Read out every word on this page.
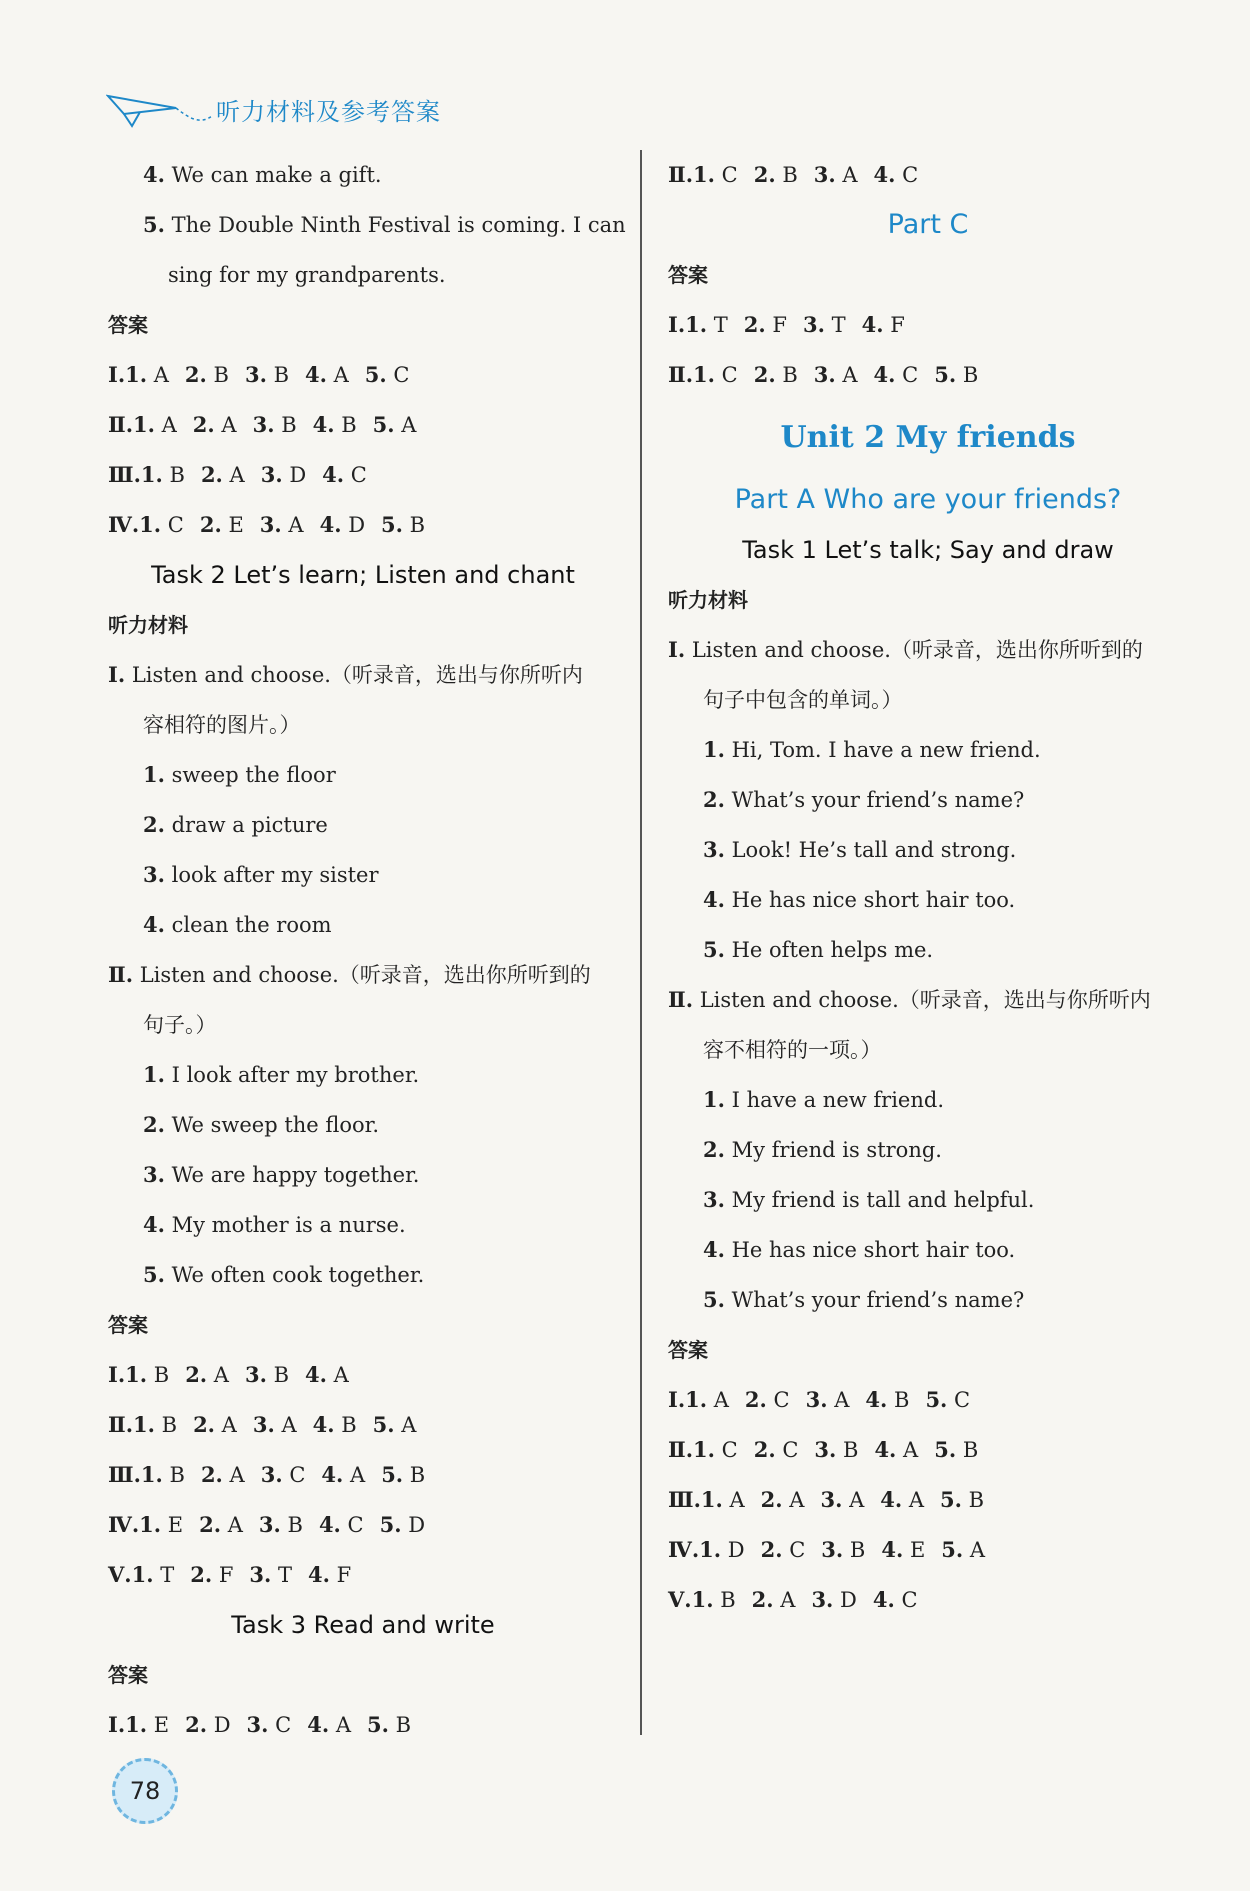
听力材料及参考答案
4. We can make a gift.
5. The Double Ninth Festival is coming. I can
sing for my grandparents.
答案
Ⅰ.1. A 2. B 3. B 4. A 5. C
Ⅱ.1. A 2. A 3. B 4. B 5. A
Ⅲ.1. B 2. A 3. D 4. C
Ⅳ.1. C 2. E 3. A 4. D 5. B
Task 2 Let’s learn; Listen and chant
听力材料
Ⅰ. Listen and choose.（听录音，选出与你所听内
容相符的图片。）
1. sweep the floor
2. draw a picture
3. look after my sister
4. clean the room
Ⅱ. Listen and choose.（听录音，选出你所听到的
句子。）
1. I look after my brother.
2. We sweep the floor.
3. We are happy together.
4. My mother is a nurse.
5. We often cook together.
答案
Ⅰ.1. B 2. A 3. B 4. A
Ⅱ.1. B 2. A 3. A 4. B 5. A
Ⅲ.1. B 2. A 3. C 4. A 5. B
Ⅳ.1. E 2. A 3. B 4. C 5. D
Ⅴ.1. T 2. F 3. T 4. F
Task 3 Read and write
答案
Ⅰ.1. E 2. D 3. C 4. A 5. B
Ⅱ.1. C 2. B 3. A 4. C
Part C
答案
Ⅰ.1. T 2. F 3. T 4. F
Ⅱ.1. C 2. B 3. A 4. C 5. B
Unit 2 My friends
Part A Who are your friends?
Task 1 Let’s talk; Say and draw
听力材料
Ⅰ. Listen and choose.（听录音，选出你所听到的
句子中包含的单词。）
1. Hi, Tom. I have a new friend.
2. What’s your friend’s name?
3. Look! He’s tall and strong.
4. He has nice short hair too.
5. He often helps me.
Ⅱ. Listen and choose.（听录音，选出与你所听内
容不相符的一项。）
1. I have a new friend.
2. My friend is strong.
3. My friend is tall and helpful.
4. He has nice short hair too.
5. What’s your friend’s name?
答案
Ⅰ.1. A 2. C 3. A 4. B 5. C
Ⅱ.1. C 2. C 3. B 4. A 5. B
Ⅲ.1. A 2. A 3. A 4. A 5. B
Ⅳ.1. D 2. C 3. B 4. E 5. A
Ⅴ.1. B 2. A 3. D 4. C
78
